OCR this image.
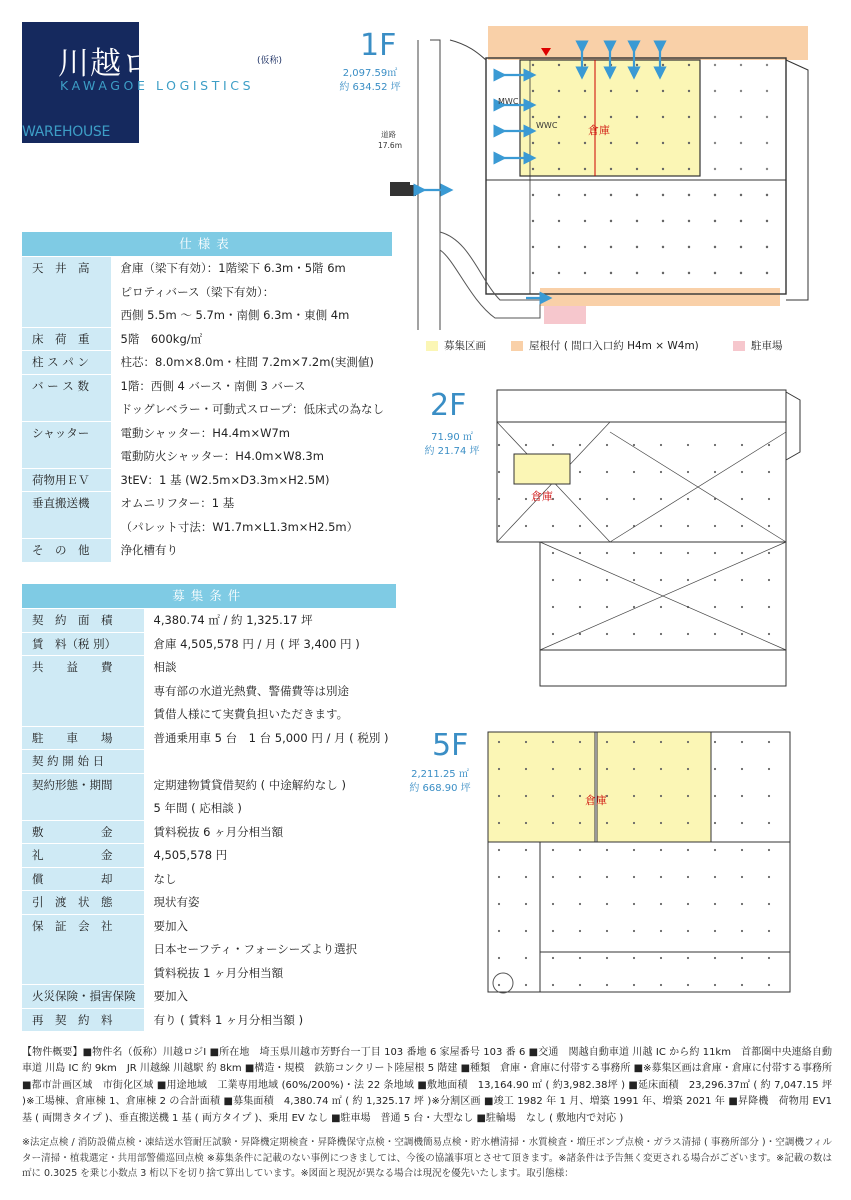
川越ロジⅠ	(仮称)
KAWAGOE LOGISTICS
WAREHOUSE
仕様表	
天　井　高	倉庫（梁下有効）：1階梁下 6.3m・5階 6m
	ピロティバース（梁下有効）：
	西側 5.5m ～ 5.7m・南側 6.3m・東側 4m
床　荷　重	5階　600kg/㎡
柱 ス パ ン	柱芯：8.0m×8.0m・柱間 7.2m×7.2m(実測値)
バ ー ス 数	1階：西側 4 バース・南側 3 バース
	ドッグレベラー・可動式スロープ：低床式の為なし
シャッター	電動シャッター：H4.4m×W7m
	電動防火シャッター：H4.0m×W8.3m
荷物用ＥＶ	3tEV：1 基 (W2.5m×D3.3m×H2.5M)
垂直搬送機	オムニリフター：1 基
	（パレット寸法：W1.7m×L1.3m×H2.5m）
そ　の　他	浄化槽有り
募集条件	
契　約　面　積	4,380.74 ㎡ / 約 1,325.17 坪
賃　料（税 別）	倉庫 4,505,578 円 / 月 ( 坪 3,400 円 )
共　　益　　費	相談
	専有部の水道光熱費、警備費等は別途
	賃借人様にて実費負担いただきます。
駐　　車　　場	普通乗用車 5 台　1 台 5,000 円 / 月 ( 税別 )
契 約 開 始 日	
契約形態・期間	定期建物賃貸借契約 ( 中途解約なし )
	5 年間 ( 応相談 )
敷　　　　　金	賃料税抜 6 ヶ月分相当額
礼　　　　　金	4,505,578 円
償　　　　　却	なし
引　渡　状　態	現状有姿
保　証　会　社	要加入
	日本セーフティ・フォーシーズより選択
	賃料税抜 1 ヶ月分相当額
火災保険・損害保険	要加入
再　契　約　料	有り ( 賃料 1 ヶ月分相当額 )
1F
2,097.59㎡
約 634.52 坪
2F
71.90 ㎡
約 21.74 坪
5F
2,211.25 ㎡
約 668.90 坪
倉庫
MWC
WWC
道路
17.6m
募集区画	屋根付 ( 間口入口約 H4m × W4m)	駐車場
倉庫
倉庫
【物件概要】■物件名（仮称）川越ロジⅠ ■所在地　埼玉県川越市芳野台一丁目 103 番地 6 家屋番号 103 番 6 ■交通　関越自動車道 川越 IC から約 11km　首都圏中央連絡自動車道 川島 IC 約 9km　JR 川越線 川越駅 約 8km ■構造・規模　鉄筋コンクリート陸屋根 5 階建 ■種類　倉庫・倉庫に付帯する事務所 ■※募集区画は倉庫・倉庫に付帯する事務所 ■都市計画区域　市街化区域 ■用途地域　工業専用地域 (60%/200%)・法 22 条地域 ■敷地面積　13,164.90 ㎡ ( 約3,982.38坪 ) ■延床面積　23,296.37㎡ ( 約 7,047.15 坪 )※工場棟、倉庫棟 1、倉庫棟 2 の合計面積 ■募集面積　4,380.74 ㎡ ( 約 1,325.17 坪 )※分割区画 ■竣工 1982 年 1 月、増築 1991 年、増築 2021 年 ■昇降機　荷物用 EV1 基 ( 両開きタイプ )、垂直搬送機 1 基 ( 両方タイプ )、乗用 EV なし ■駐車場　普通 5 台・大型なし ■駐輪場　なし ( 敷地内で対応 )
※法定点検 / 消防設備点検・凍結送水管耐圧試験・昇降機定期検査・昇降機保守点検・空調機簡易点検・貯水槽清掃・水質検査・増圧ポンプ点検・ガラス清掃 ( 事務所部分 )・空調機フィルター清掃・植栽選定・共用部警備巡回点検 ※募集条件に記載のない事例につきましては、今後の協議事項とさせて頂きます。※諸条件は予告無く変更される場合がございます。※記載の数は㎡に 0.3025 を乗じ小数点 3 桁以下を切り捨て算出しています。※図面と現況が異なる場合は現況を優先いたします。取引態様：
